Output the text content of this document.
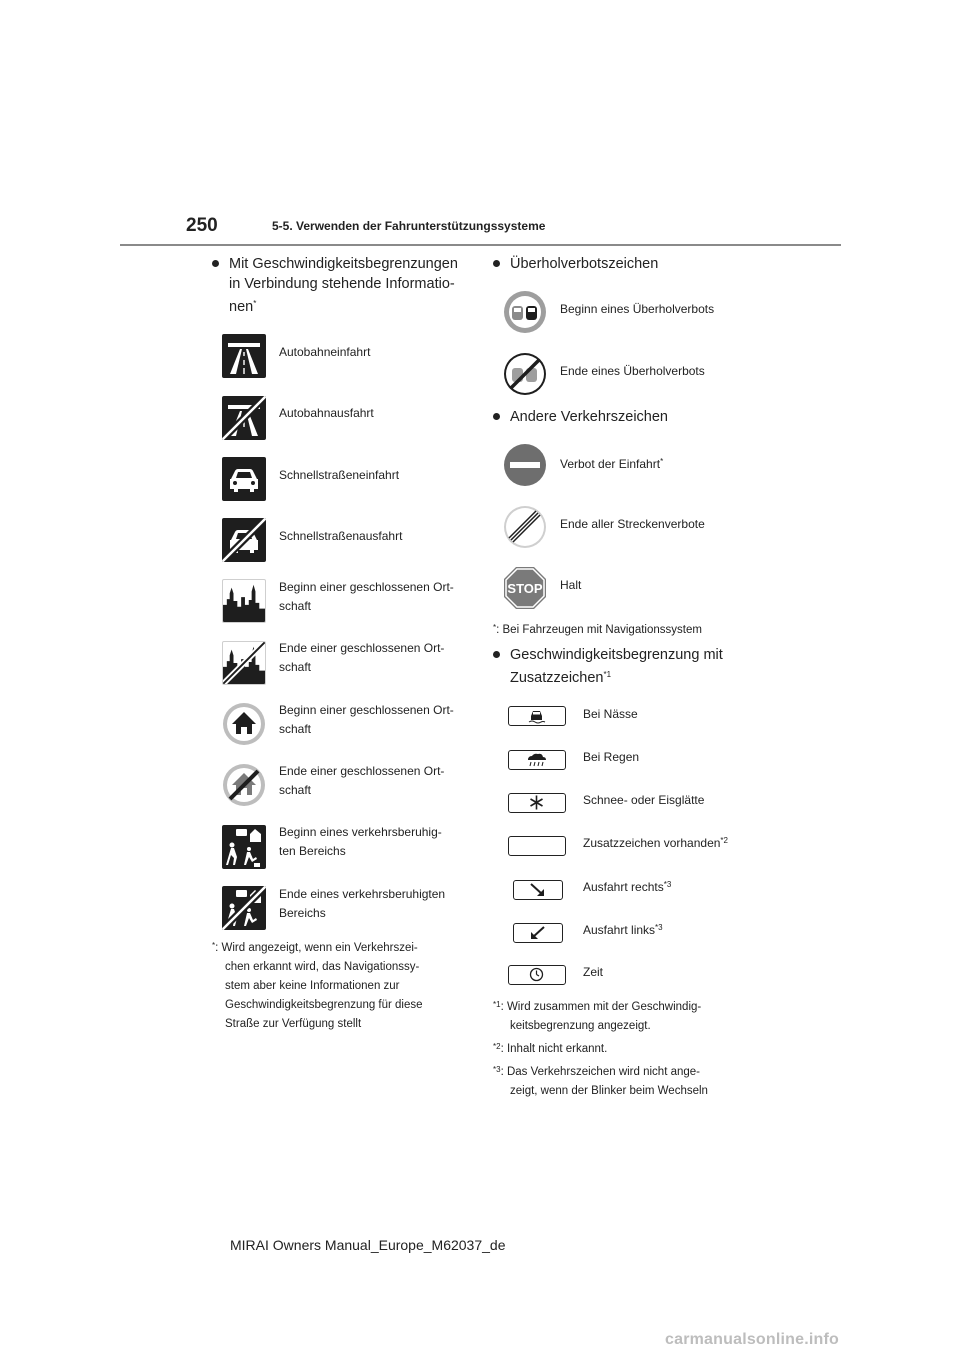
250	5-5. Verwenden der Fahrunterstützungssysteme
Mit Geschwindigkeitsbegrenzungen
in Verbindung stehende Informatio-
nen*
Autobahneinfahrt
Autobahnausfahrt
Schnellstraßeneinfahrt
Schnellstraßenausfahrt
Beginn einer geschlossenen Ort-
schaft
Ende einer geschlossenen Ort-
schaft
Beginn einer geschlossenen Ort-
schaft
Ende einer geschlossenen Ort-
schaft
Beginn eines verkehrsberuhig-
ten Bereichs
Ende eines verkehrsberuhigten
Bereichs
*: Wird angezeigt, wenn ein Verkehrszei-
chen erkannt wird, das Navigationssy-
stem aber keine Informationen zur
Geschwindigkeitsbegrenzung für diese
Straße zur Verfügung stellt
Überholverbotszeichen
Beginn eines Überholverbots
Ende eines Überholverbots
Andere Verkehrszeichen
Verbot der Einfahrt*
Ende aller Streckenverbote
STOP Halt
*: Bei Fahrzeugen mit Navigationssystem
Geschwindigkeitsbegrenzung mit
Zusatzzeichen$^{*1}$
Bei Nässe
Bei Regen
Schnee- oder Eisglätte
Zusatzzeichen vorhanden$^{*2}$
Ausfahrt rechts$^{*3}$
Ausfahrt links$^{*3}$
Zeit
$^{*1}$: Wird zusammen mit der Geschwindig-
keitsbegrenzung angezeigt.
$^{*2}$: Inhalt nicht erkannt.
$^{*3}$: Das Verkehrszeichen wird nicht ange-
zeigt, wenn der Blinker beim Wechseln
MIRAI Owners Manual_Europe_M62037_de
carmanualsonline.info
